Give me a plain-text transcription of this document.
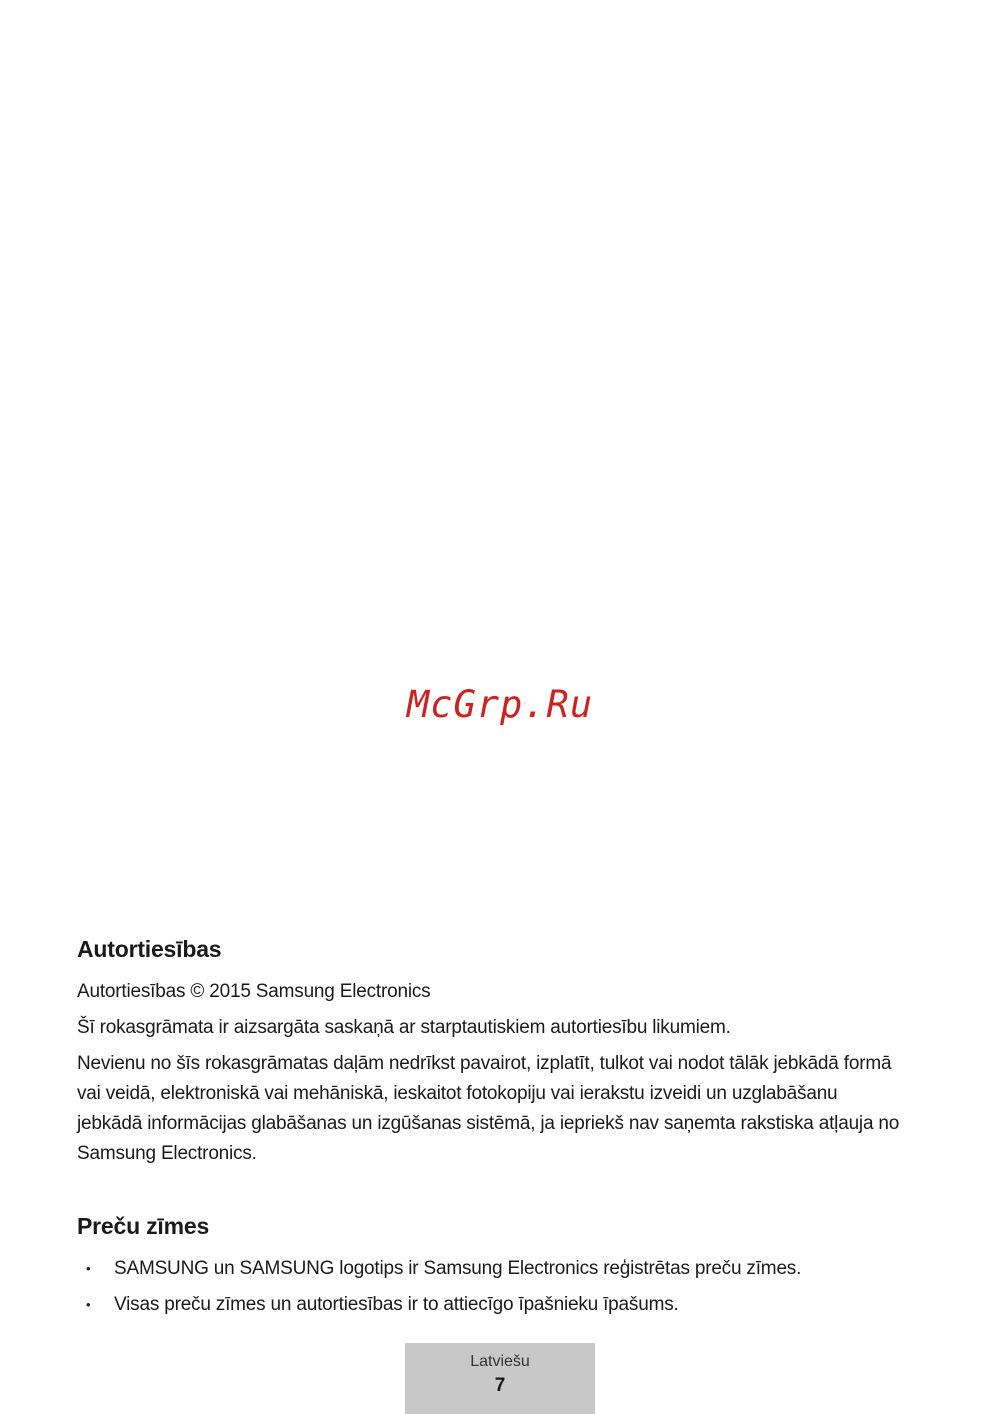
McGrp.Ru
Autortiesības

Autortiesības © 2015 Samsung Electronics

Šī rokasgrāmata ir aizsargāta saskaņā ar starptautiskiem autortiesību likumiem.

Nevienu no šīs rokasgrāmatas daļām nedrīkst pavairot, izplatīt, tulkot vai nodot tālāk jebkādā formā vai veidā, elektroniskā vai mehāniskā, ieskaitot fotokopiju vai ierakstu izveidi un uzglabāšanu jebkādā informācijas glabāšanas un izgūšanas sistēmā, ja iepriekš nav saņemta rakstiska atļauja no Samsung Electronics.

Preču zīmes
• SAMSUNG un SAMSUNG logotips ir Samsung Electronics reģistrētas preču zīmes.
• Visas preču zīmes un autortiesības ir to attiecīgo īpašnieku īpašums.
Latviešu
7
